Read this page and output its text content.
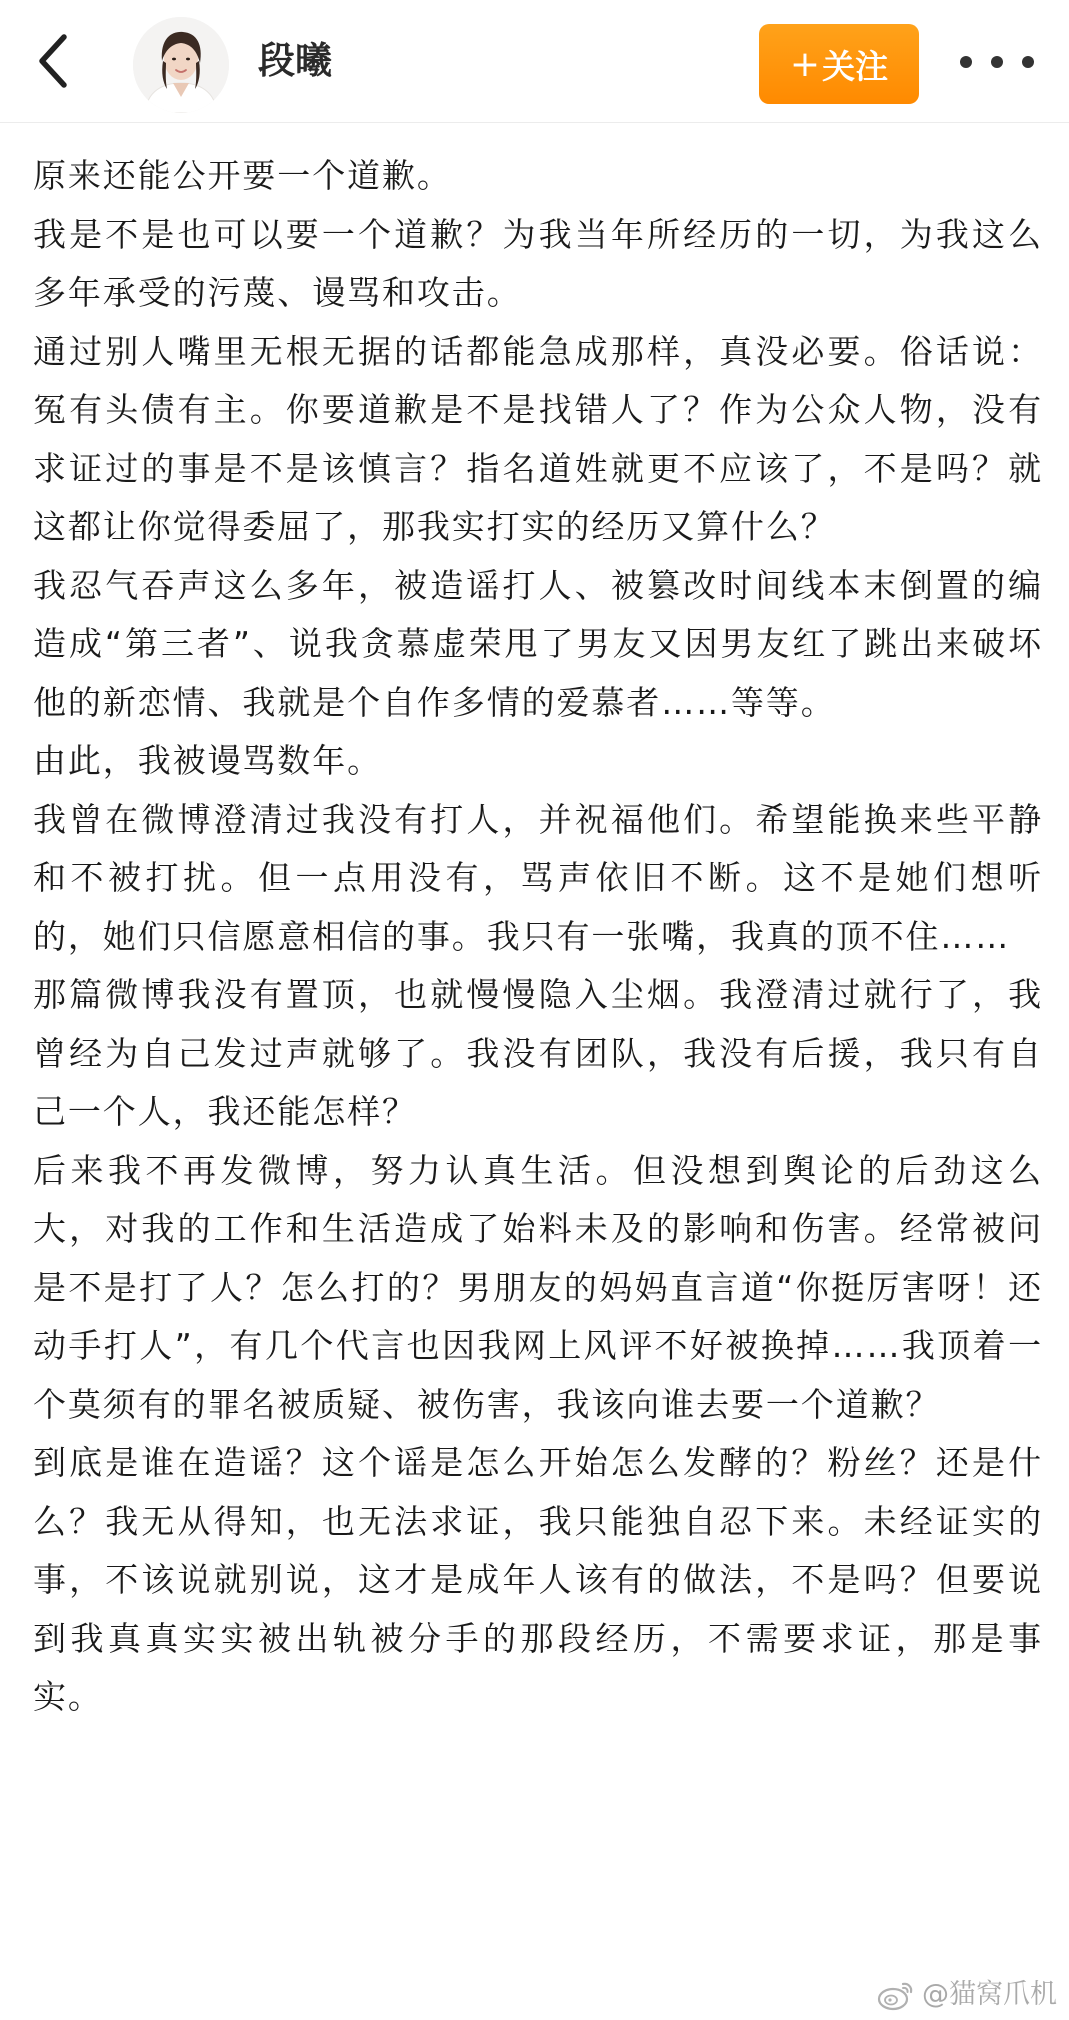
段曦	+ 关注

原来还能公开要一个道歉。

我是不是也可以要一个道歉？为我当年所经历的一切，为我这么多年承受的污蔑、谩骂和攻击。

通过别人嘴里无根无据的话都能急成那样，真没必要。俗话说：冤有头债有主。你要道歉是不是找错人了？作为公众人物，没有求证过的事是不是该慎言？指名道姓就更不应该了，不是吗？就这都让你觉得委屈了，那我实打实的经历又算什么？

我忍气吞声这么多年，被造谣打人、被篡改时间线本末倒置的编造成“第三者”、说我贪慕虚荣甩了男友又因男友红了跳出来破坏他的新恋情、我就是个自作多情的爱慕者……等等。

由此，我被谩骂数年。

我曾在微博澄清过我没有打人，并祝福他们。希望能换来些平静和不被打扰。但一点用没有，骂声依旧不断。这不是她们想听的，她们只信愿意相信的事。我只有一张嘴，我真的顶不住……

那篇微博我没有置顶，也就慢慢隐入尘烟。我澄清过就行了，我曾经为自己发过声就够了。我没有团队，我没有后援，我只有自己一个人，我还能怎样？

后来我不再发微博，努力认真生活。但没想到舆论的后劲这么大，对我的工作和生活造成了始料未及的影响和伤害。经常被问是不是打了人？怎么打的？男朋友的妈妈直言道“你挺厉害呀！还动手打人”，有几个代言也因我网上风评不好被换掉……我顶着一个莫须有的罪名被质疑、被伤害，我该向谁去要一个道歉？

到底是谁在造谣？这个谣是怎么开始怎么发酵的？粉丝？还是什么？我无从得知，也无法求证，我只能独自忍下来。未经证实的事，不该说就别说，这才是成年人该有的做法，不是吗？但要说到我真真实实被出轨被分手的那段经历，不需要求证，那是事实。

@猫窝爪机
